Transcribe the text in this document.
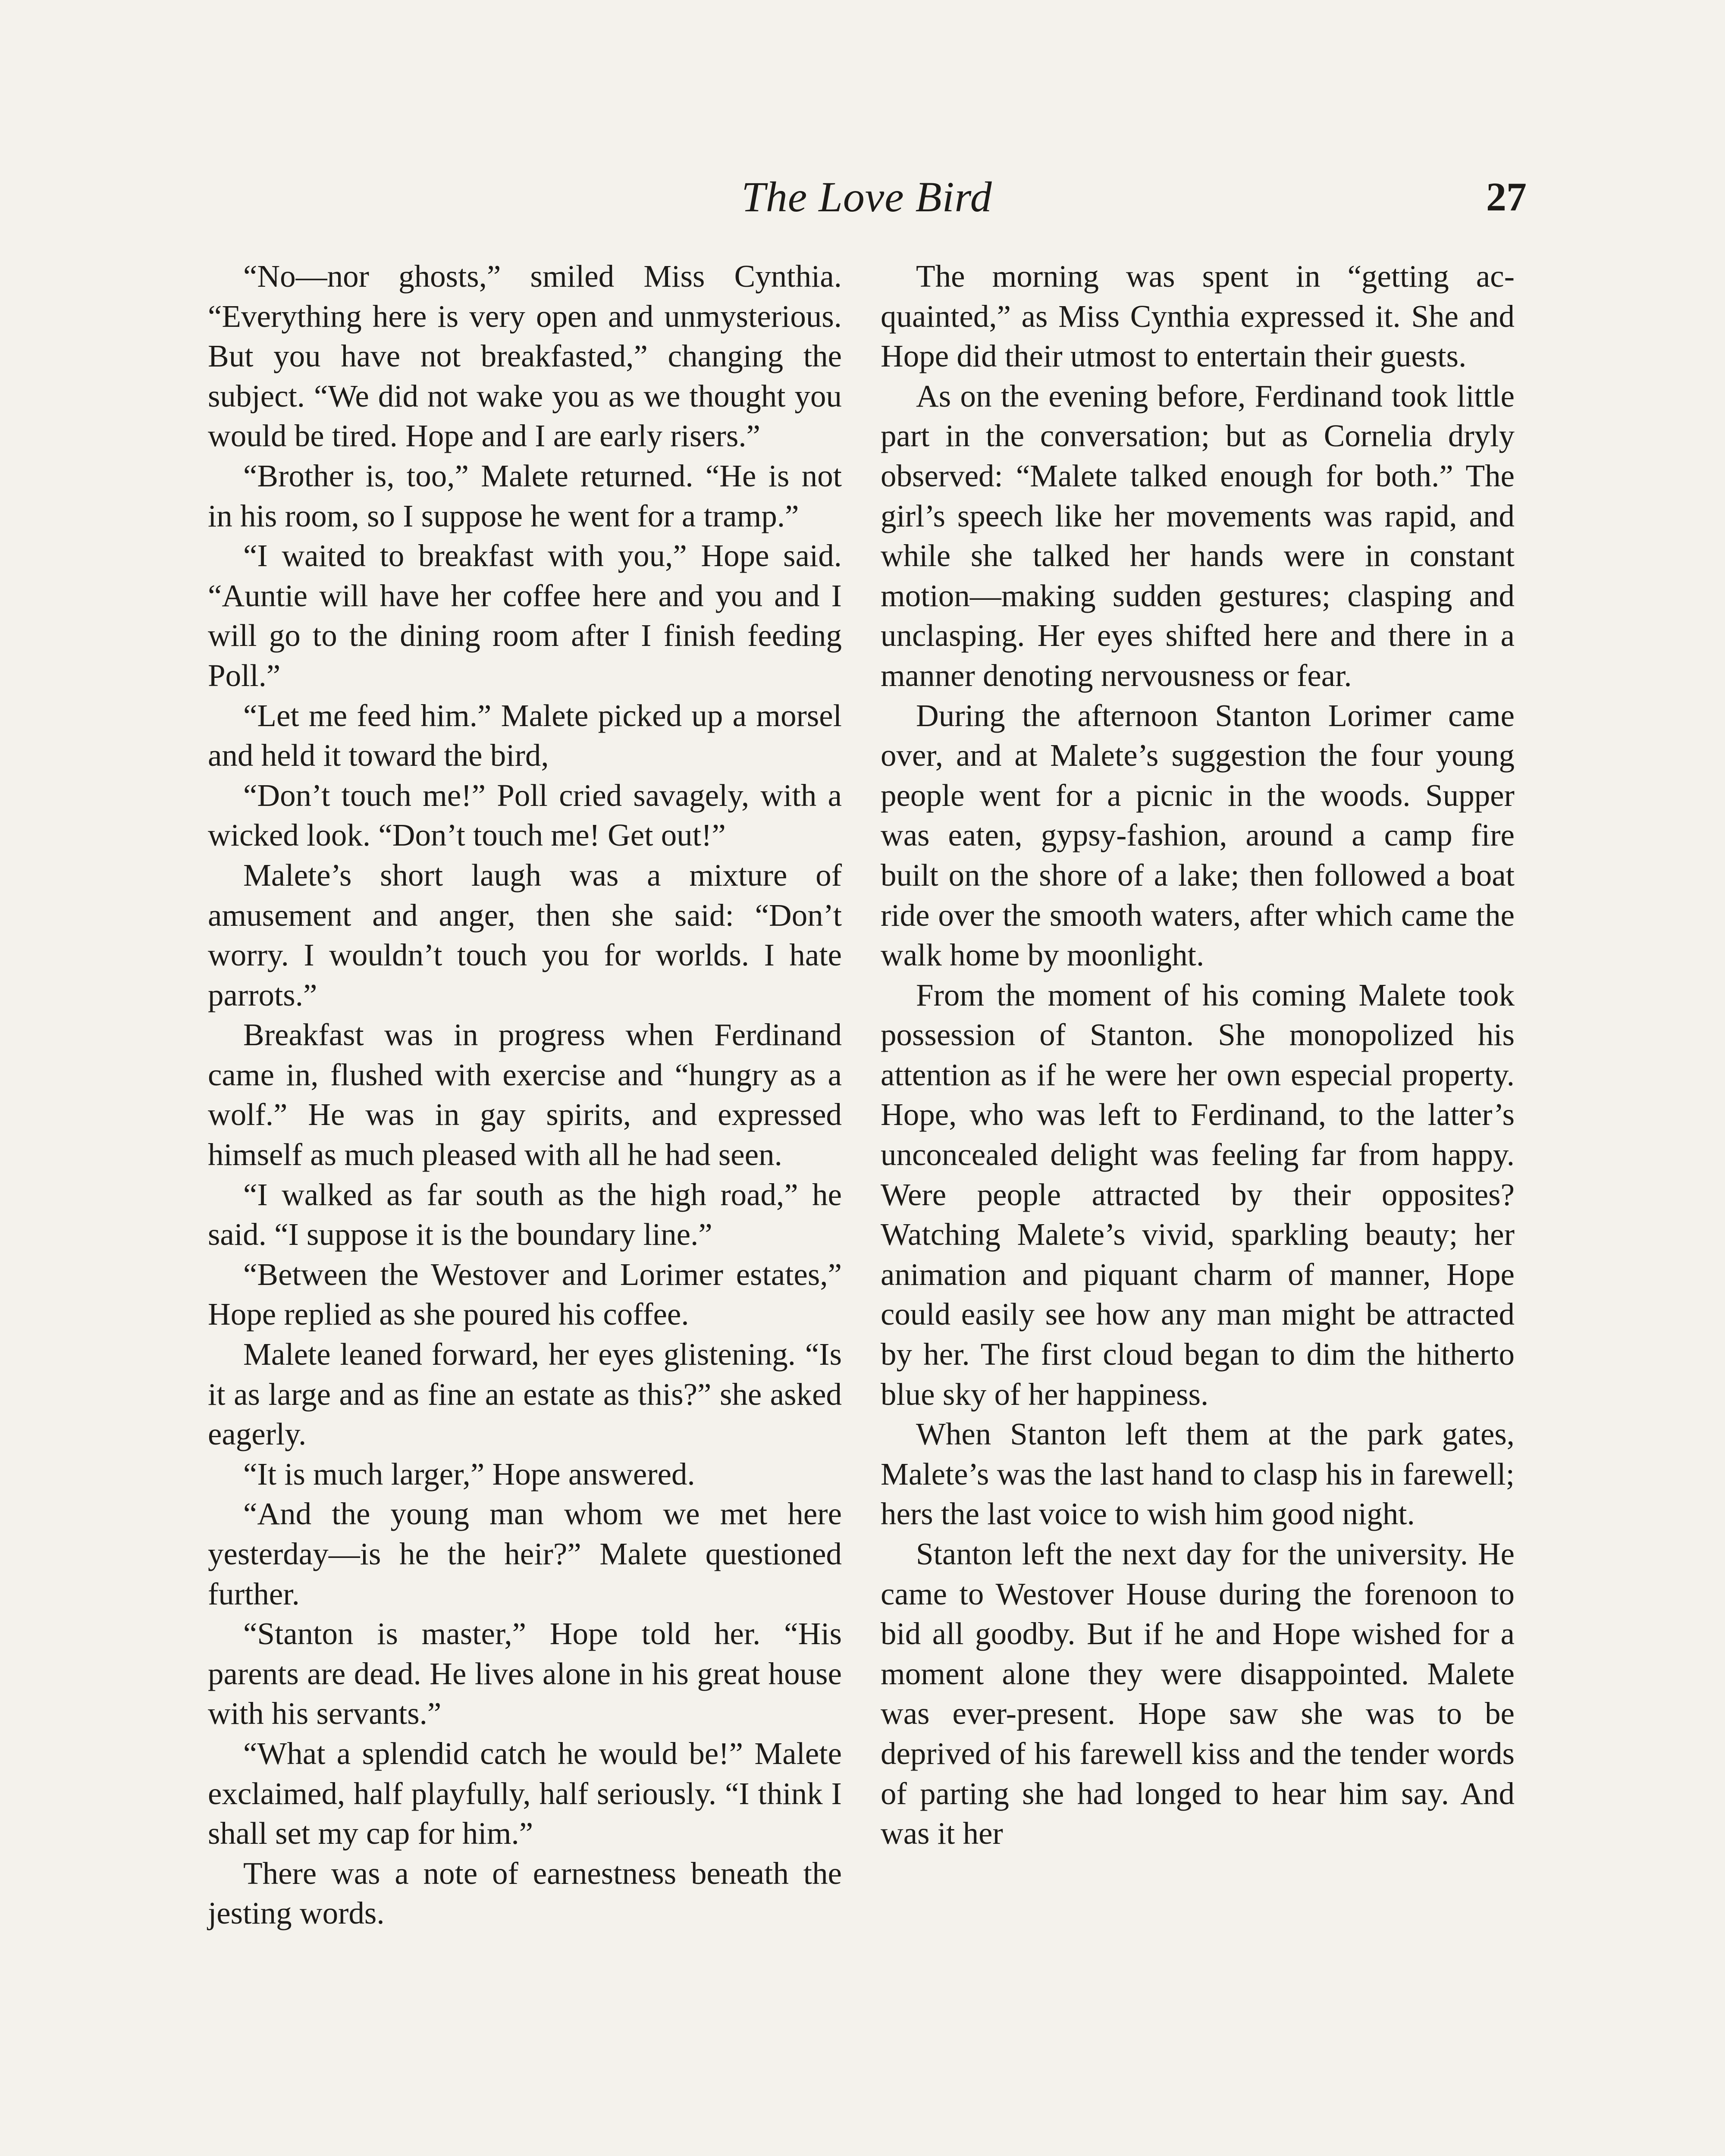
The Love Bird	27

“No—nor ghosts,” smiled Miss Cynthia. “Everything here is very open and unmysterious. But you have not breakfasted,” changing the subject. “We did not wake you as we thought you would be tired. Hope and I are early risers.”

“Brother is, too,” Malete returned. “He is not in his room, so I suppose he went for a tramp.”

“I waited to breakfast with you,” Hope said. “Auntie will have her coffee here and you and I will go to the dining room after I finish feeding Poll.”

“Let me feed him.” Malete picked up a morsel and held it toward the bird,

“Don’t touch me!” Poll cried savagely, with a wicked look. “Don’t touch me! Get out!”

Malete’s short laugh was a mixture of amusement and anger, then she said: “Don’t worry. I wouldn’t touch you for worlds. I hate parrots.”

Breakfast was in progress when Ferdinand came in, flushed with exercise and “hungry as a wolf.” He was in gay spirits, and expressed himself as much pleased with all he had seen.

“I walked as far south as the high road,” he said. “I suppose it is the boundary line.”

“Between the Westover and Lorimer estates,” Hope replied as she poured his coffee.

Malete leaned forward, her eyes glistening. “Is it as large and as fine an estate as this?” she asked eagerly.

“It is much larger,” Hope answered.

“And the young man whom we met here yesterday—is he the heir?” Malete questioned further.

“Stanton is master,” Hope told her. “His parents are dead. He lives alone in his great house with his servants.”

“What a splendid catch he would be!” Malete exclaimed, half playfully, half seriously. “I think I shall set my cap for him.”

There was a note of earnestness beneath the jesting words.

The morning was spent in “getting acquainted,” as Miss Cynthia expressed it. She and Hope did their utmost to entertain their guests.

As on the evening before, Ferdinand took little part in the conversation; but as Cornelia dryly observed: “Malete talked enough for both.” The girl’s speech like her movements was rapid, and while she talked her hands were in constant motion—making sudden gestures; clasping and unclasping. Her eyes shifted here and there in a manner denoting nervousness or fear.

During the afternoon Stanton Lorimer came over, and at Malete’s suggestion the four young people went for a picnic in the woods. Supper was eaten, gypsy-fashion, around a camp fire built on the shore of a lake; then followed a boat ride over the smooth waters, after which came the walk home by moonlight.

From the moment of his coming Malete took possession of Stanton. She monopolized his attention as if he were her own especial property. Hope, who was left to Ferdinand, to the latter’s unconcealed delight was feeling far from happy. Were people attracted by their opposites? Watching Malete’s vivid, sparkling beauty; her animation and piquant charm of manner, Hope could easily see how any man might be attracted by her. The first cloud began to dim the hitherto blue sky of her happiness.

When Stanton left them at the park gates, Malete’s was the last hand to clasp his in farewell; hers the last voice to wish him good night.

Stanton left the next day for the university. He came to Westover House during the forenoon to bid all goodby. But if he and Hope wished for a moment alone they were disappointed. Malete was ever-present. Hope saw she was to be deprived of his farewell kiss and the tender words of parting she had longed to hear him say. And was it her
